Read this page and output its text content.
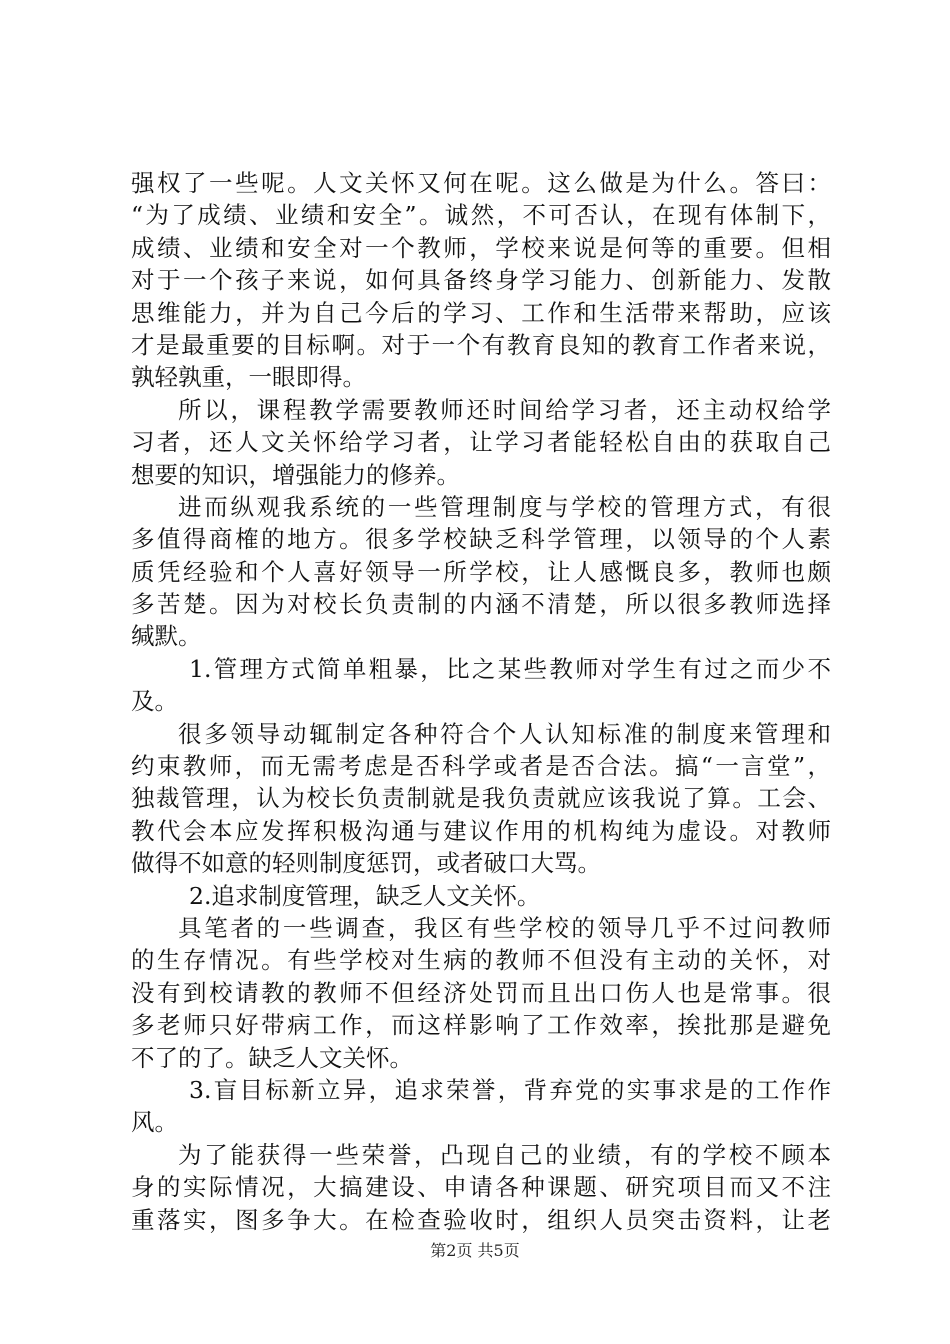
强权了一些呢。人文关怀又何在呢。这么做是为什么。答曰：
“为了成绩、业绩和安全”。诚然，不可否认，在现有体制下，
成绩、业绩和安全对一个教师，学校来说是何等的重要。但相
对于一个孩子来说，如何具备终身学习能力、创新能力、发散
思维能力，并为自己今后的学习、工作和生活带来帮助，应该
才是最重要的目标啊。对于一个有教育良知的教育工作者来说，
孰轻孰重，一眼即得。
所以，课程教学需要教师还时间给学习者，还主动权给学
习者，还人文关怀给学习者，让学习者能轻松自由的获取自己
想要的知识，增强能力的修养。
进而纵观我系统的一些管理制度与学校的管理方式，有很
多值得商榷的地方。很多学校缺乏科学管理，以领导的个人素
质凭经验和个人喜好领导一所学校，让人感慨良多，教师也颇
多苦楚。因为对校长负责制的内涵不清楚，所以很多教师选择
缄默。
1.管理方式简单粗暴，比之某些教师对学生有过之而少不
及。
很多领导动辄制定各种符合个人认知标准的制度来管理和
约束教师，而无需考虑是否科学或者是否合法。搞“一言堂”，
独裁管理，认为校长负责制就是我负责就应该我说了算。工会、
教代会本应发挥积极沟通与建议作用的机构纯为虚设。对教师
做得不如意的轻则制度惩罚，或者破口大骂。
2.追求制度管理，缺乏人文关怀。
具笔者的一些调查，我区有些学校的领导几乎不过问教师
的生存情况。有些学校对生病的教师不但没有主动的关怀，对
没有到校请教的教师不但经济处罚而且出口伤人也是常事。很
多老师只好带病工作，而这样影响了工作效率，挨批那是避免
不了的了。缺乏人文关怀。
3.盲目标新立异，追求荣誉，背弃党的实事求是的工作作
风。
为了能获得一些荣誉，凸现自己的业绩，有的学校不顾本
身的实际情况，大搞建设、申请各种课题、研究项目而又不注
重落实，图多争大。在检查验收时，组织人员突击资料，让老
第2页 共5页
